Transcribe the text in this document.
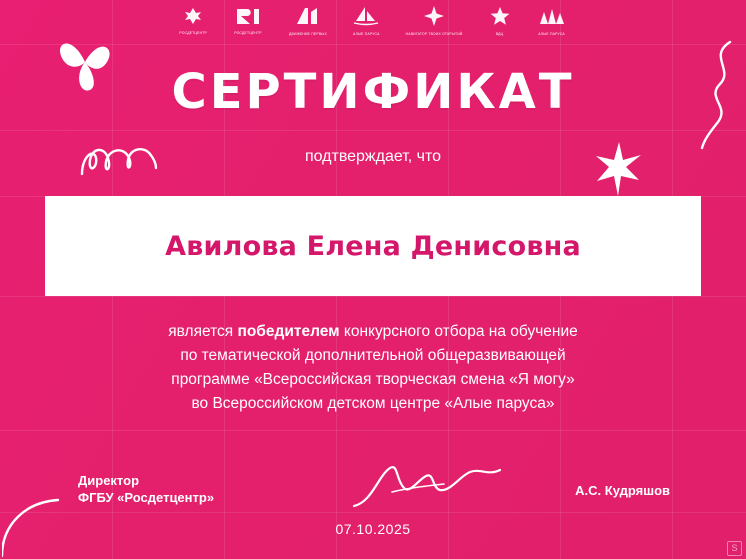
РОСДЕТЦЕНТР	РОСДЕТЦЕНТР	ДВИЖЕНИЕ ПЕРВЫХ	АЛЫЕ ПАРУСА	НАВИГАТОР ТВОИХ ОТКРЫТИЙ	ВДЦ	АЛЫЕ ПАРУСА
СЕРТИФИКАТ
подтверждает, что
Авилова Елена Денисовна
является победителем конкурсного отбора на обучение
по тематической дополнительной общеразвивающей
программе «Всероссийская творческая смена «Я могу»
во Всероссийском детском центре «Алые паруса»
Директор
ФГБУ «Росдетцентр»	А.С. Кудряшов
07.10.2025
S
